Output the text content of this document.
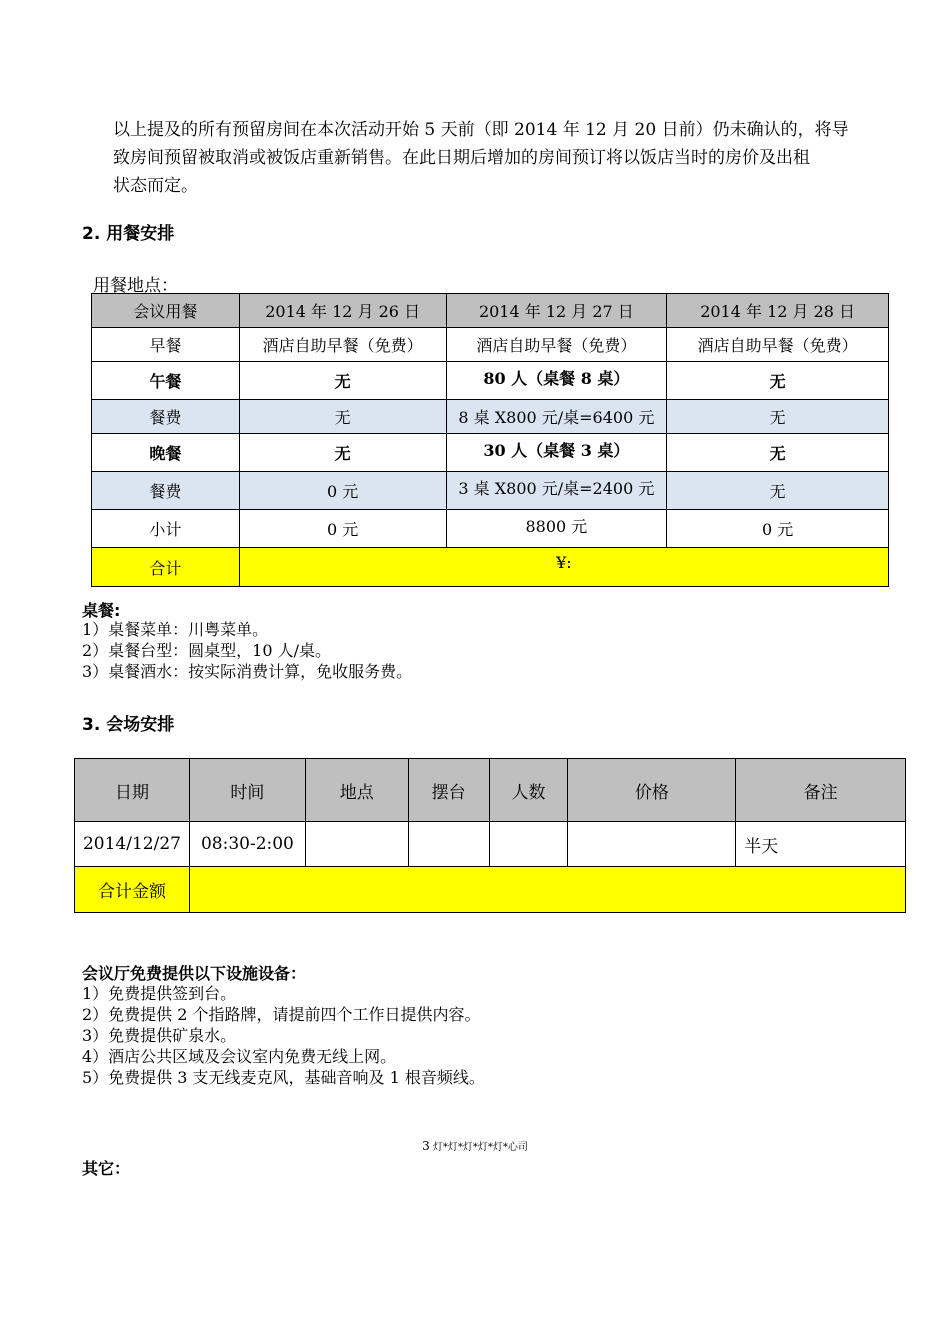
以上提及的所有预留房间在本次活动开始 5 天前（即 2014 年 12 月 20 日前）仍未确认的，将导

致房间预留被取消或被饭店重新销售。在此日期后增加的房间预订将以饭店当时的房价及出租

状态而定。

2. 用餐安排
用餐地点：
会议用餐	2014 年 12 月 26 日	2014 年 12 月 27 日	2014 年 12 月 28 日
早餐	酒店自助早餐（免费）	酒店自助早餐（免费）	酒店自助早餐（免费）
午餐	无	80 人（桌餐 8 桌）	无
餐费	无	8 桌 X800 元/桌=6400 元	无
晚餐	无	30 人（桌餐 3 桌）	无
餐费	0 元	3 桌 X800 元/桌=2400 元	无
小计	0 元	8800 元	0 元
合计	¥:		
桌餐:
1）桌餐菜单：川粤菜单。
2）桌餐台型：圆桌型，10 人/桌。
3）桌餐酒水：按实际消费计算，免收服务费。
3. 会场安排
日期	时间	地点	摆台	人数	价格	备注
2014/12/27	08:30-2:00					半天
合计金额						
会议厅免费提供以下设施设备：
1）免费提供签到台。
2）免费提供 2 个指路牌，请提前四个工作日提供内容。
3）免费提供矿泉水。
4）酒店公共区域及会议室内免费无线上网。
5）免费提供 3 支无线麦克风，基础音响及 1 根音频线。
3 灯*灯*灯*灯*灯*心司
其它：
